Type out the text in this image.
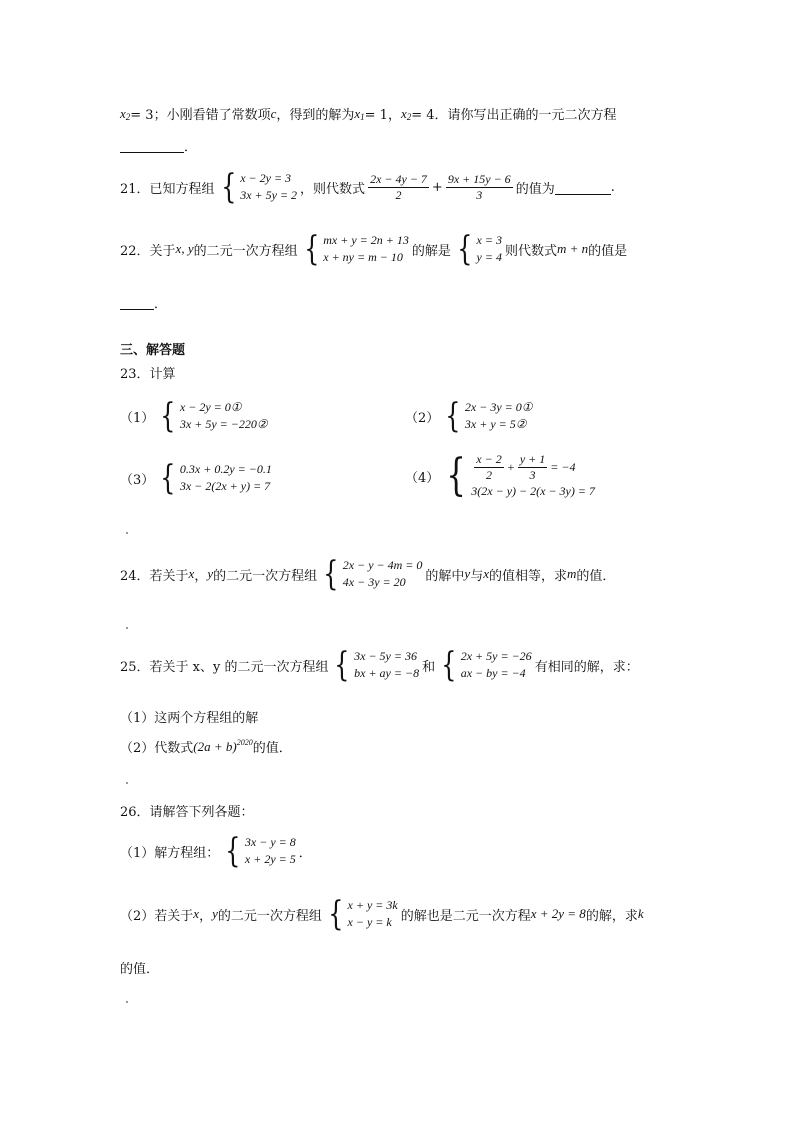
$x_2 = 3$；小刚看错了常数项 c ，得到的解为 $x_1 = 1$， $x_2 = 4$．请你写出正确的一元二次方程
．
21．已知方程组 { x − 2y = 3
3x + 5y = 2 ，则代数式 $\frac{2x - 4y - 7}{2} + \frac{9x + 15y - 6}{3}$ 的值为	.
22．关于 x, y 的二元一次方程组 { mx + y = 2n + 13
x + ny = m − 10 的解是 { x = 3
y = 4 则代数式 m + n 的值是
．
三、解答题
23．计算
（1） { x − 2y = 0①
3x + 5y = −220②	（2） { 2x − 3y = 0①
3x + y = 5②
（3） { 0.3x + 0.2y = −0.1
3x − 2(2x + y) = 7
（4） { $\frac{x - 2}{2} + \frac{y + 1}{3} = -4$
3(2x − y) − 2(x − 3y) = 7
24．若关于 x ， y 的二元一次方程组 { 2x − y − 4m = 0
4x − 3y = 20	的解中 y 与 x 的值相等，求 m 的值．
25．若关于 x、y 的二元一次方程组 { 3x − 5y = 36
bx + ay = −8 和 { 2x + 5y = −26
ax − by = −4 有相同的解，求：
（1）这两个方程组的解
（2）代数式 $(2a + b)^{2020}$ 的值．
26．请解答下列各题：
（1）解方程组： { 3x − y = 8
x + 2y = 5 ．
（2）若关于 x ， y 的二元一次方程组 { x + y = 3k
x − y = k 的解也是二元一次方程 x + 2y = 8 的解，求 k
的值．
